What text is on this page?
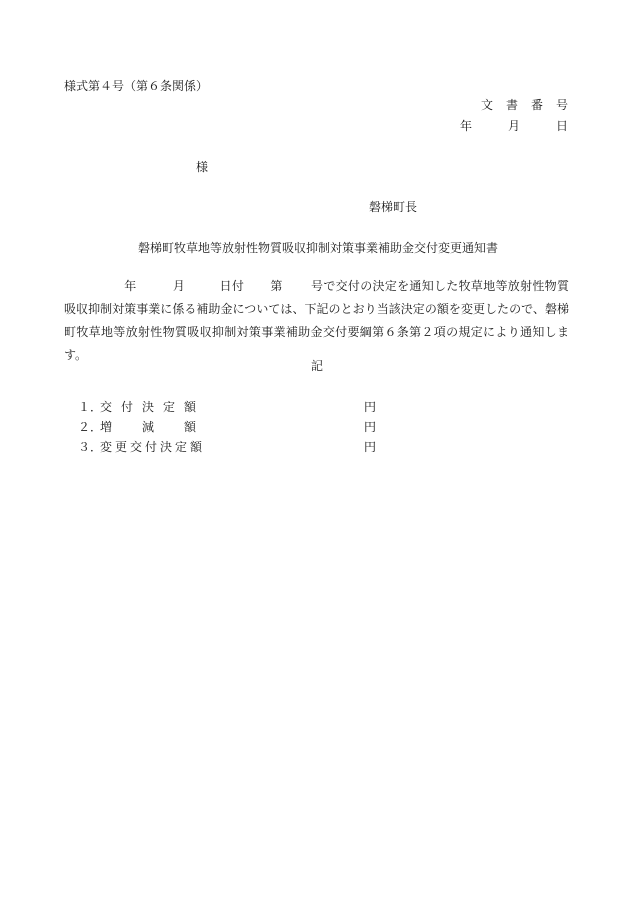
様式第４号（第６条関係）
文書番号
年	月	日
様
磐梯町長
磐梯町牧草地等放射性物質吸収抑制対策事業補助金交付変更通知書
年	月	日付 第 号で交付の決定を通知した牧草地等放射性物質吸収抑制対策事業に係る補助金については、下記のとおり当該決定の額を変更したので、磐梯町牧草地等放射性物質吸収抑制対策事業補助金交付要綱第６条第２項の規定により通知します。
記
１．交付決定額	円
２．増減額	円
３．変更交付決定額	円
